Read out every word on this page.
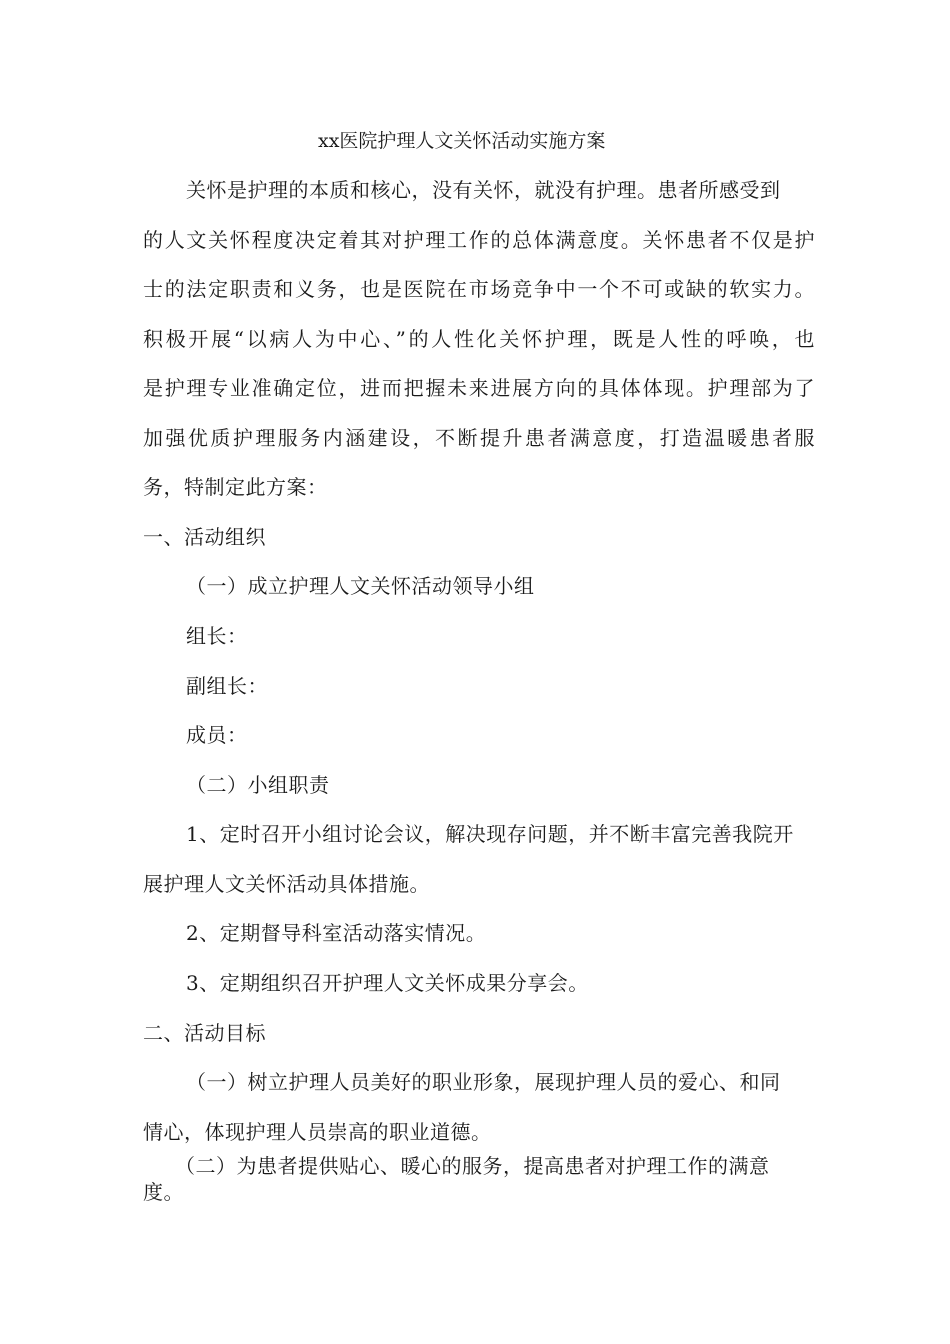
xx医院护理人文关怀活动实施方案
关怀是护理的本质和核心，没有关怀，就没有护理。患者所感受到
的人文关怀程度决定着其对护理工作的总体满意度。关怀患者不仅是护
士的法定职责和义务，也是医院在市场竞争中一个不可或缺的软实力。
积极开展“以病人为中心、”的人性化关怀护理，既是人性的呼唤，也
是护理专业准确定位，进而把握未来进展方向的具体体现。护理部为了
加强优质护理服务内涵建设，不断提升患者满意度，打造温暖患者服
务，特制定此方案：
一、活动组织
（一）成立护理人文关怀活动领导小组
组长：
副组长：
成员：
（二）小组职责
1、定时召开小组讨论会议，解决现存问题，并不断丰富完善我院开
展护理人文关怀活动具体措施。
2、定期督导科室活动落实情况。
3、定期组织召开护理人文关怀成果分享会。
二、活动目标
（一）树立护理人员美好的职业形象，展现护理人员的爱心、和同
情心，体现护理人员崇高的职业道德。
（二）为患者提供贴心、暖心的服务，提高患者对护理工作的满意
度。
